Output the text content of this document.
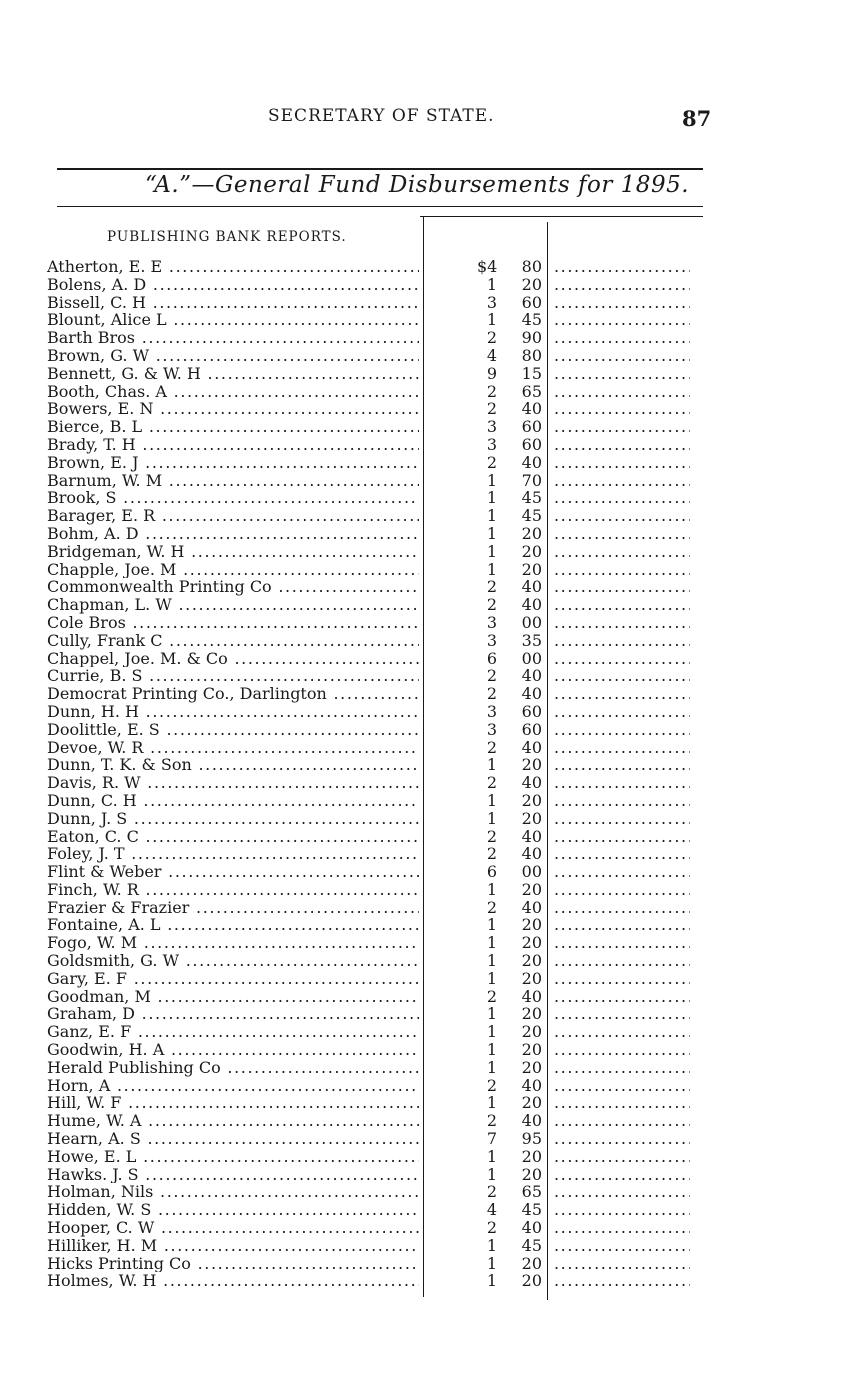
SECRETARY OF STATE.	87
“A.”—General Fund Disbursements for 1895.
PUBLISHING BANK REPORTS.
Atherton, E. E .....	$4 80
.....
Bolens, A. D .....	1 20
.....
Bissell, C. H .....	3 60
.....
Blount, Alice L .....	1 45
.....
Barth Bros .....	2 90
.....
Brown, G. W .....	4 80
.....
Bennett, G. & W. H .....	9 15
.....
Booth, Chas. A .....	2 65
.....
Bowers, E. N .....	2 40
.....
Bierce, B. L .....	3 60
.....
Brady, T. H .....	3 60
.....
Brown, E. J .....	2 40
.....
Barnum, W. M .....	1 70
.....
Brook, S .....	1 45
.....
Barager, E. R .....	1 45
.....
Bohm, A. D .....	1 20
.....
Bridgeman, W. H .....	1 20
.....
Chapple, Joe. M .....	1 20
.....
Commonwealth Printing Co .....	2 40
.....
Chapman, L. W .....	2 40
.....
Cole Bros .....	3 00
.....
Cully, Frank C .....	3 35
.....
Chappel, Joe. M. & Co .....	6 00
.....
Currie, B. S .....	2 40
.....
Democrat Printing Co., Darlington .....	2 40
.....
Dunn, H. H .....	3 60
.....
Doolittle, E. S .....	3 60
.....
Devoe, W. R .....	2 40
.....
Dunn, T. K. & Son .....	1 20
.....
Davis, R. W .....	2 40
.....
Dunn, C. H .....	1 20
.....
Dunn, J. S .....	1 20
.....
Eaton, C. C .....	2 40
.....
Foley, J. T .....	2 40
.....
Flint & Weber .....	6 00
.....
Finch, W. R .....	1 20
.....
Frazier & Frazier .....	2 40
.....
Fontaine, A. L .....	1 20
.....
Fogo, W. M .....	1 20
.....
Goldsmith, G. W .....	1 20
.....
Gary, E. F .....	1 20
.....
Goodman, M .....	2 40
.....
Graham, D .....	1 20
.....
Ganz, E. F .....	1 20
.....
Goodwin, H. A .....	1 20
.....
Herald Publishing Co .....	1 20
.....
Horn, A .....	2 40
.....
Hill, W. F .....	1 20
.....
Hume, W. A .....	2 40
.....
Hearn, A. S .....	7 95
.....
Howe, E. L .....	1 20
.....
Hawks. J. S .....	1 20
.....
Holman, Nils .....	2 65
.....
Hidden, W. S .....	4 45
.....
Hooper, C. W .....	2 40
.....
Hilliker, H. M .....	1 45
.....
Hicks Printing Co .....	1 20
.....
Holmes, W. H .....	1 20
.....
